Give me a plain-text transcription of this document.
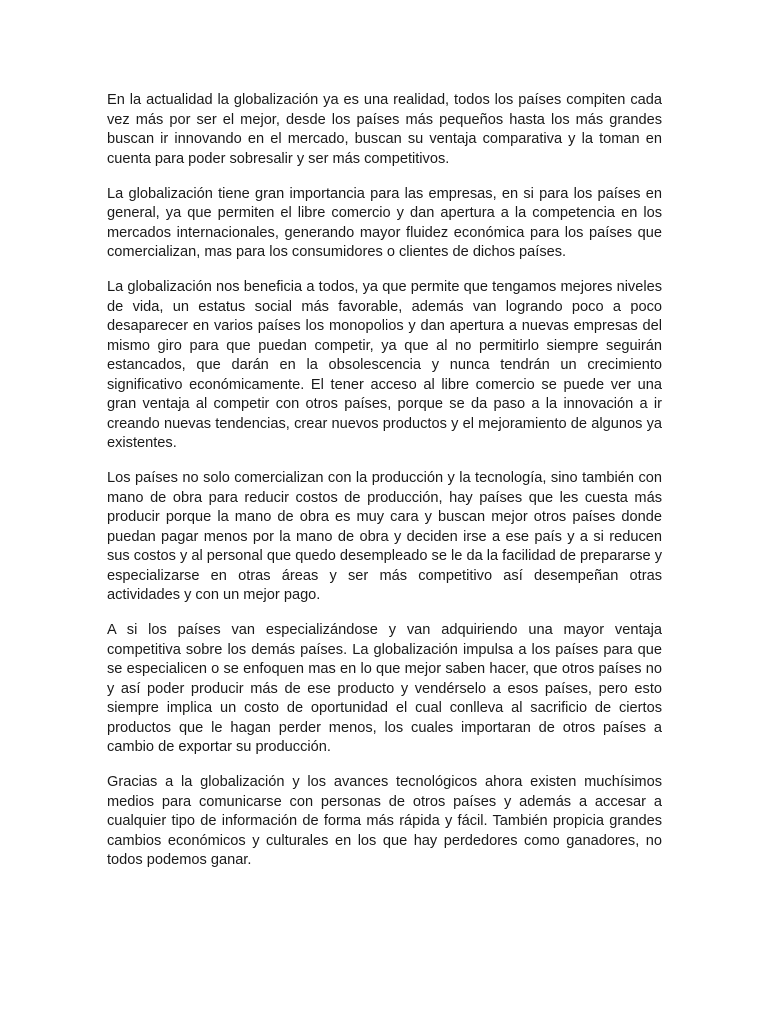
En la actualidad la globalización ya es una realidad, todos los países compiten cada vez más por ser el mejor, desde los países más pequeños hasta los más grandes buscan ir innovando en el mercado, buscan su ventaja comparativa y la toman en cuenta para poder sobresalir y ser más competitivos.

La globalización tiene gran importancia para las empresas, en si para los países en general, ya que permiten el libre comercio y dan apertura a la competencia en los mercados internacionales, generando mayor fluidez económica para los países que comercializan, mas para los consumidores o clientes de dichos países.

La globalización nos beneficia a todos, ya que permite que tengamos mejores niveles de vida, un estatus social más favorable, además van logrando poco a poco desaparecer en varios países los monopolios y dan apertura a nuevas empresas del mismo giro para que puedan competir, ya que al no permitirlo siempre seguirán estancados, que darán en la obsolescencia y nunca tendrán un crecimiento significativo económicamente. El tener acceso al libre comercio se puede ver una gran ventaja al competir con otros países, porque se da paso a la innovación a ir creando nuevas tendencias, crear nuevos productos y el mejoramiento de algunos ya existentes.

Los países no solo comercializan con la producción y la tecnología, sino también con mano de obra para reducir costos de producción, hay países que les cuesta más producir porque la mano de obra es muy cara y buscan mejor otros países donde puedan pagar menos por la mano de obra y deciden irse a ese país y a si reducen sus costos y al personal que quedo desempleado se le da la facilidad de prepararse y especializarse en otras áreas y ser más competitivo así desempeñan otras actividades y con un mejor pago.

A si los países van especializándose y van adquiriendo una mayor ventaja competitiva sobre los demás países. La globalización impulsa a los países para que se especialicen o se enfoquen mas en lo que mejor saben hacer, que otros países no y así poder producir más de ese producto y vendérselo a esos países, pero esto siempre implica un costo de oportunidad el cual conlleva al sacrificio de ciertos productos que le hagan perder menos, los cuales importaran de otros países a cambio de exportar su producción.

Gracias a la globalización y los avances tecnológicos ahora existen muchísimos medios para comunicarse con personas de otros países y además a accesar a cualquier tipo de información de forma más rápida y fácil. También propicia grandes cambios económicos y culturales en los que hay perdedores como ganadores, no todos podemos ganar.
